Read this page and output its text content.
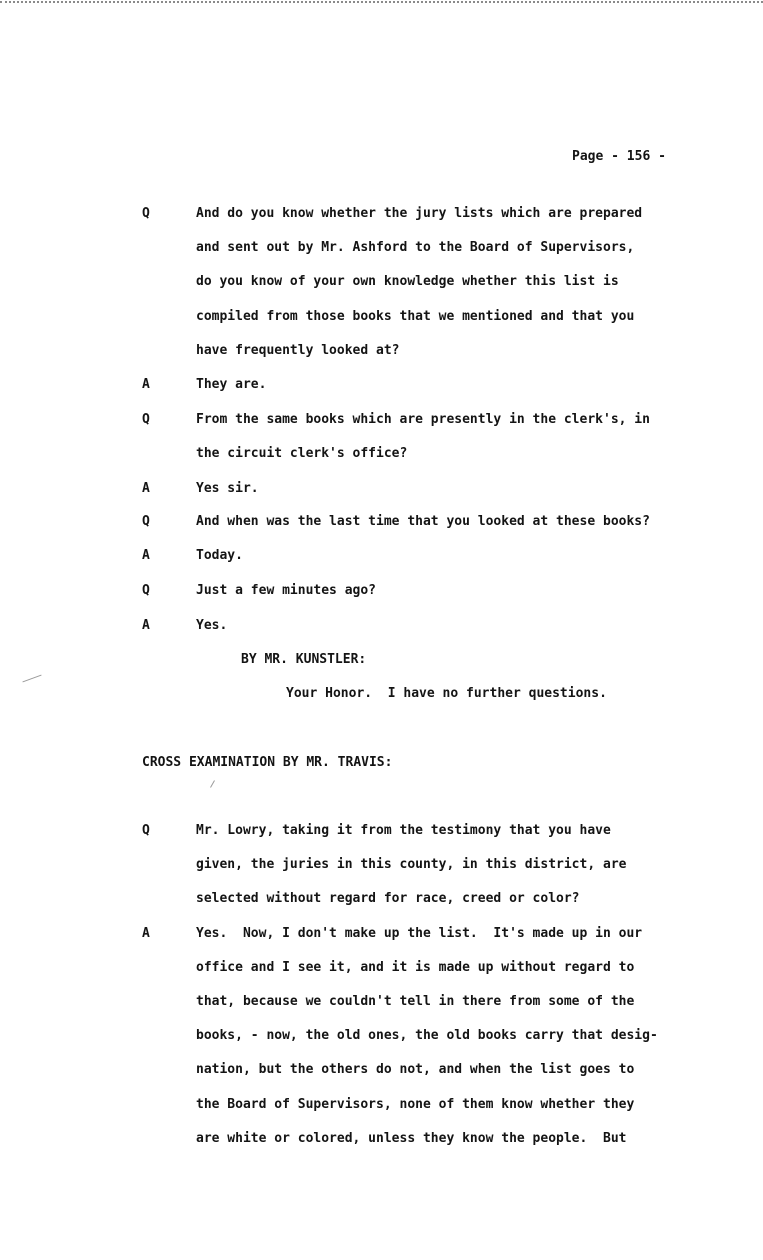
Page - 156 -
Q	And do you know whether the jury lists which are prepared
and sent out by Mr. Ashford to the Board of Supervisors,
do you know of your own knowledge whether this list is
compiled from those books that we mentioned and that you
have frequently looked at?
A	They are.
Q	From the same books which are presently in the clerk's, in
the circuit clerk's office?
A	Yes sir.
Q	And when was the last time that you looked at these books?
A	Today.
Q	Just a few minutes ago?
A	Yes.
BY MR. KUNSTLER:
Your Honor.  I have no further questions.
CROSS EXAMINATION BY MR. TRAVIS:
Q	Mr. Lowry, taking it from the testimony that you have
given, the juries in this county, in this district, are
selected without regard for race, creed or color?
A	Yes.  Now, I don't make up the list.  It's made up in our
office and I see it, and it is made up without regard to
that, because we couldn't tell in there from some of the
books, - now, the old ones, the old books carry that desig-
nation, but the others do not, and when the list goes to
the Board of Supervisors, none of them know whether they
are white or colored, unless they know the people.  But
